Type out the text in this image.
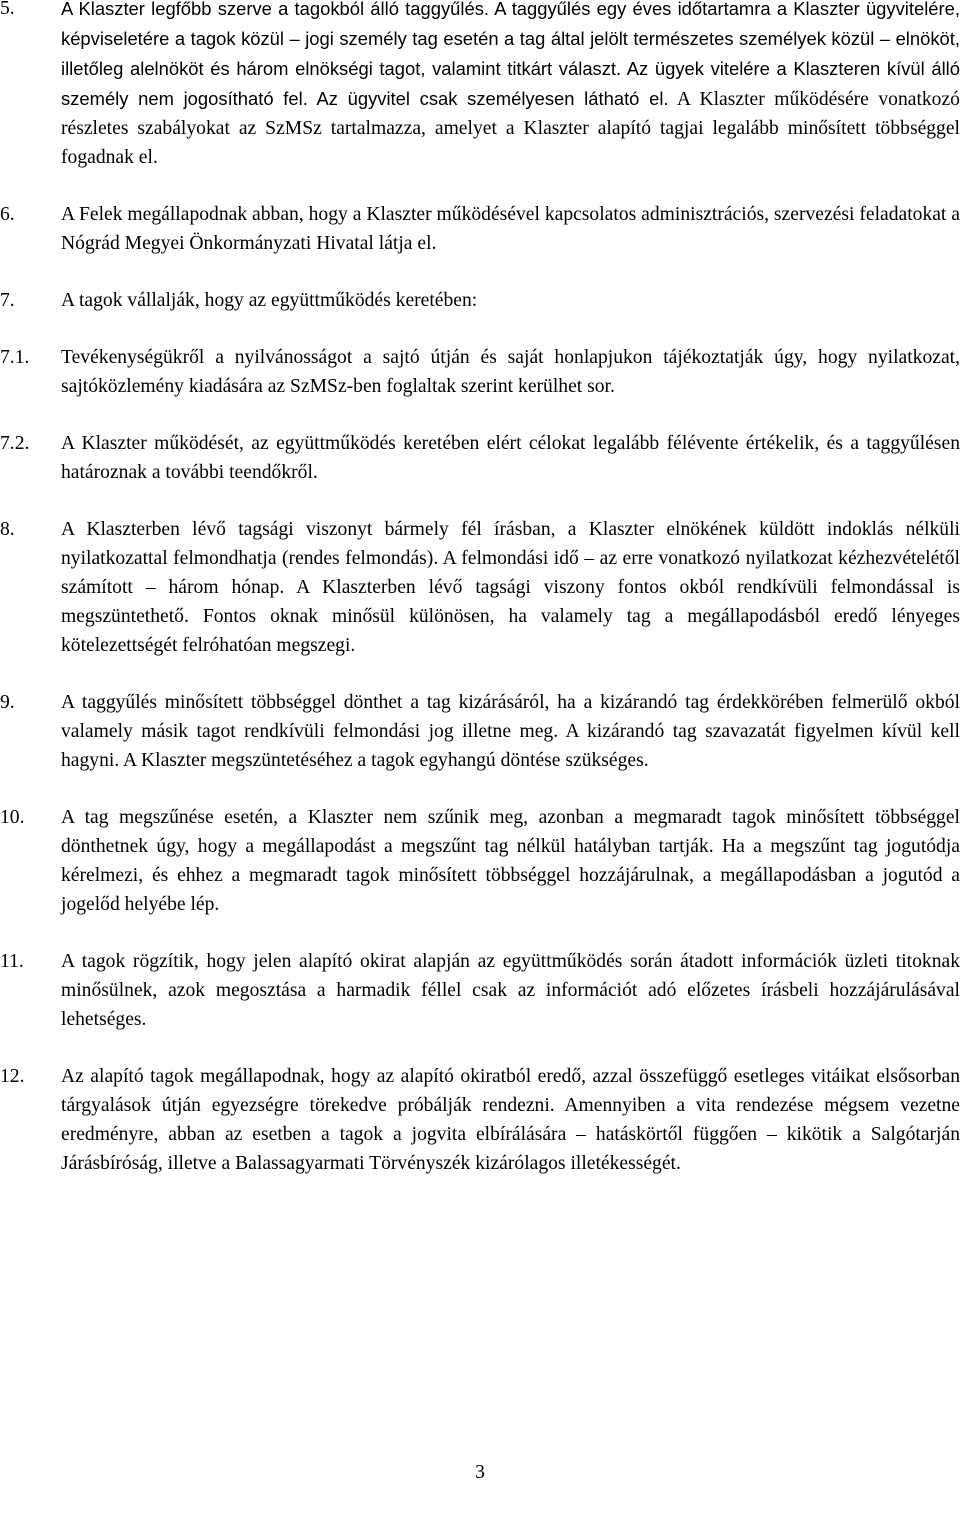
5.	A Klaszter legfőbb szerve a tagokból álló taggyűlés. A taggyűlés egy éves időtartamra a Klaszter ügyvitelére, képviseletére a tagok közül – jogi személy tag esetén a tag által jelölt természetes személyek közül – elnököt, illetőleg alelnököt és három elnökségi tagot, valamint titkárt választ. Az ügyek vitelére a Klaszteren kívül álló személy nem jogosítható fel. Az ügyvitel csak személyesen látható el. A Klaszter működésére vonatkozó részletes szabályokat az SzMSz tartalmazza, amelyet a Klaszter alapító tagjai legalább minősített többséggel fogadnak el.
6.	A Felek megállapodnak abban, hogy a Klaszter működésével kapcsolatos adminisztrációs, szervezési feladatokat a Nógrád Megyei Önkormányzati Hivatal látja el.
7.	A tagok vállalják, hogy az együttműködés keretében:
7.1.	Tevékenységükről a nyilvánosságot a sajtó útján és saját honlapjukon tájékoztatják úgy, hogy nyilatkozat, sajtóközlemény kiadására az SzMSz-ben foglaltak szerint kerülhet sor.
7.2.	A Klaszter működését, az együttműködés keretében elért célokat legalább félévente értékelik, és a taggyűlésen határoznak a további teendőkről.
8.	A Klaszterben lévő tagsági viszonyt bármely fél írásban, a Klaszter elnökének küldött indoklás nélküli nyilatkozattal felmondhatja (rendes felmondás). A felmondási idő – az erre vonatkozó nyilatkozat kézhezvételétől számított – három hónap. A Klaszterben lévő tagsági viszony fontos okból rendkívüli felmondással is megszüntethető. Fontos oknak minősül különösen, ha valamely tag a megállapodásból eredő lényeges kötelezettségét felróhatóan megszegi.
9.	A taggyűlés minősített többséggel dönthet a tag kizárásáról, ha a kizárandó tag érdekkörében felmerülő okból valamely másik tagot rendkívüli felmondási jog illetne meg. A kizárandó tag szavazatát figyelmen kívül kell hagyni. A Klaszter megszüntetéséhez a tagok egyhangú döntése szükséges.
10.	A tag megszűnése esetén, a Klaszter nem szűnik meg, azonban a megmaradt tagok minősített többséggel dönthetnek úgy, hogy a megállapodást a megszűnt tag nélkül hatályban tartják. Ha a megszűnt tag jogutódja kérelmezi, és ehhez a megmaradt tagok minősített többséggel hozzájárulnak, a megállapodásban a jogutód a jogelőd helyébe lép.
11.	A tagok rögzítik, hogy jelen alapító okirat alapján az együttműködés során átadott információk üzleti titoknak minősülnek, azok megosztása a harmadik féllel csak az információt adó előzetes írásbeli hozzájárulásával lehetséges.
12.	Az alapító tagok megállapodnak, hogy az alapító okiratból eredő, azzal összefüggő esetleges vitáikat elsősorban tárgyalások útján egyezségre törekedve próbálják rendezni. Amennyiben a vita rendezése mégsem vezetne eredményre, abban az esetben a tagok a jogvita elbírálására – hatáskörtől függően – kikötik a Salgótarján Járásbíróság, illetve a Balassagyarmati Törvényszék kizárólagos illetékességét.
3
